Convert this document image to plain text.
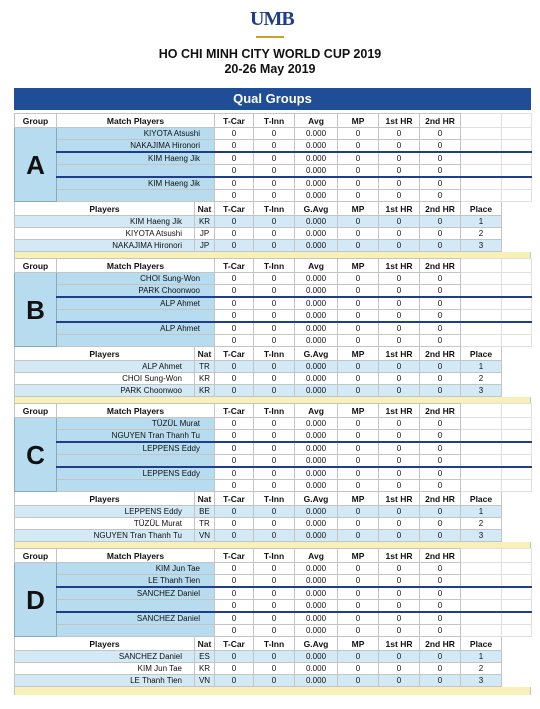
UMB
HO CHI MINH CITY WORLD CUP 2019
20-26 May 2019
Qual Groups
Group	Match Players		T-Car	T-Inn	Avg	MP	1st HR	2nd HR		
A	KIYOTA Atsushi		0	0	0.000	0	0	0		
	NAKAJIMA Hironori		0	0	0.000	0	0	0		
	KIM Haeng Jik		0	0	0.000	0	0	0		
			0	0	0.000	0	0	0		
	KIM Haeng Jik		0	0	0.000	0	0	0		
			0	0	0.000	0	0	0		
Players		Nat	T-Car	T-Inn	G.Avg	MP	1st HR	2nd HR	Place	
KIM Haeng Jik		KR	0	0	0.000	0	0	0	1	
KIYOTA Atsushi		JP	0	0	0.000	0	0	0	2	
NAKAJIMA Hironori		JP	0	0	0.000	0	0	0	3	
Group	Match Players		T-Car	T-Inn	Avg	MP	1st HR	2nd HR		
B	CHOI Sung-Won		0	0	0.000	0	0	0		
	PARK Choonwoo		0	0	0.000	0	0	0		
	ALP Ahmet		0	0	0.000	0	0	0		
			0	0	0.000	0	0	0		
	ALP Ahmet		0	0	0.000	0	0	0		
			0	0	0.000	0	0	0		
Players		Nat	T-Car	T-Inn	G.Avg	MP	1st HR	2nd HR	Place	
ALP Ahmet		TR	0	0	0.000	0	0	0	1	
CHOI Sung-Won		KR	0	0	0.000	0	0	0	2	
PARK Choonwoo		KR	0	0	0.000	0	0	0	3	
Group	Match Players		T-Car	T-Inn	Avg	MP	1st HR	2nd HR		
C	TÜZÜL Murat		0	0	0.000	0	0	0		
	NGUYEN Tran Thanh Tu		0	0	0.000	0	0	0		
	LEPPENS Eddy		0	0	0.000	0	0	0		
			0	0	0.000	0	0	0		
	LEPPENS Eddy		0	0	0.000	0	0	0		
			0	0	0.000	0	0	0		
Players		Nat	T-Car	T-Inn	G.Avg	MP	1st HR	2nd HR	Place	
LEPPENS Eddy		BE	0	0	0.000	0	0	0	1	
TÜZÜL Murat		TR	0	0	0.000	0	0	0	2	
NGUYEN Tran Thanh Tu		VN	0	0	0.000	0	0	0	3	
Group	Match Players		T-Car	T-Inn	Avg	MP	1st HR	2nd HR		
D	KIM Jun Tae		0	0	0.000	0	0	0		
	LE Thanh Tien		0	0	0.000	0	0	0		
	SANCHEZ Daniel		0	0	0.000	0	0	0		
			0	0	0.000	0	0	0		
	SANCHEZ Daniel		0	0	0.000	0	0	0		
			0	0	0.000	0	0	0		
Players		Nat	T-Car	T-Inn	G.Avg	MP	1st HR	2nd HR	Place	
SANCHEZ Daniel		ES	0	0	0.000	0	0	0	1	
KIM Jun Tae		KR	0	0	0.000	0	0	0	2	
LE Thanh Tien		VN	0	0	0.000	0	0	0	3	
